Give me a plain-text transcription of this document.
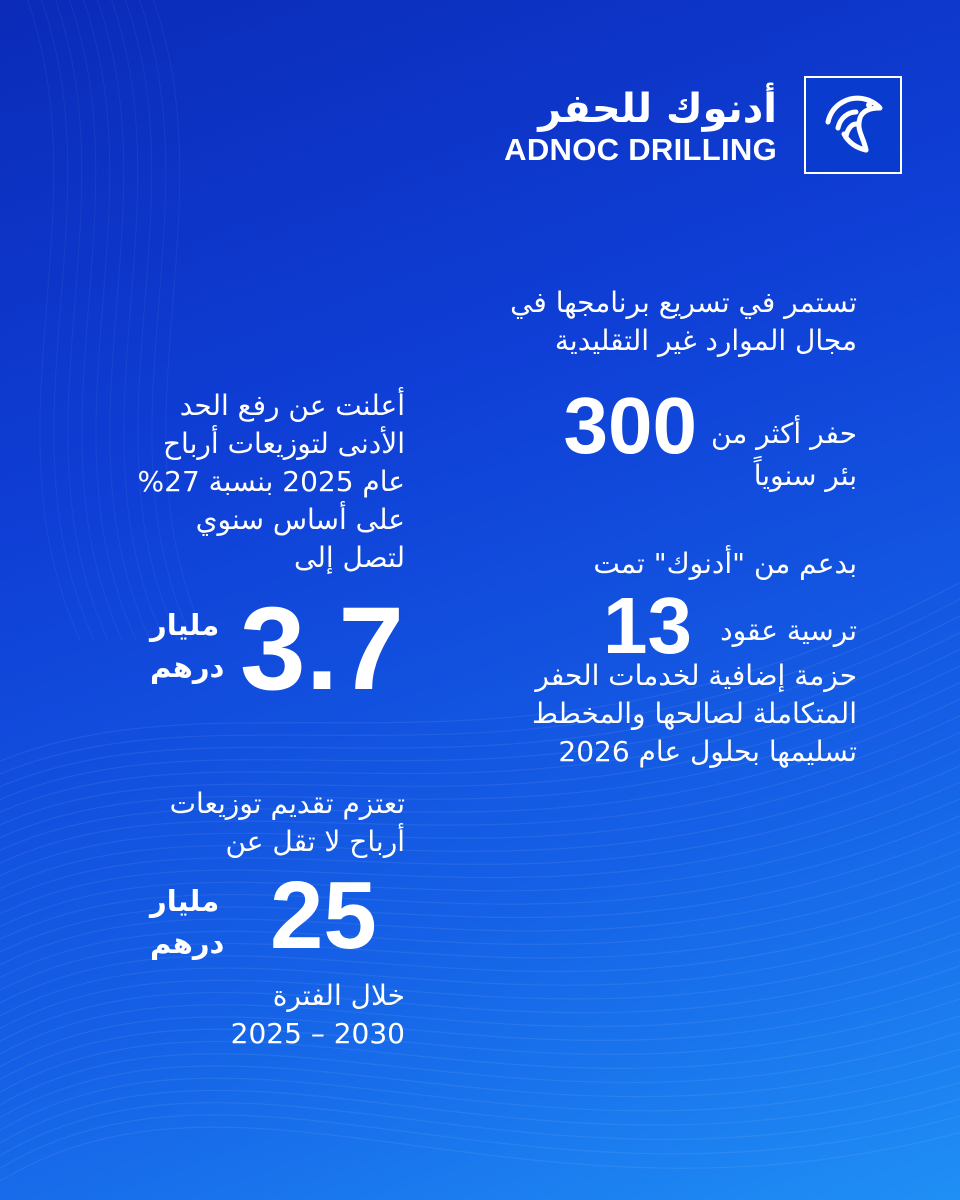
أدنوك للحفر
ADNOC DRILLING
تستمر في تسريع برنامجها في
مجال الموارد غير التقليدية
حفر أكثر من
300
بئر سنوياً
بدعم من "أدنوك" تمت
ترسية عقود
13
حزمة إضافية لخدمات الحفر
المتكاملة لصالحها والمخطط
تسليمها بحلول عام 2026
أعلنت عن رفع الحد
الأدنى لتوزيعات أرباح
عام 2025 بنسبة 27%
على أساس سنوي
لتصل إلى
3.7
مليار
درهم
تعتزم تقديم توزيعات
أرباح لا تقل عن
25
مليار
درهم
خلال الفترة
2025 – 2030
